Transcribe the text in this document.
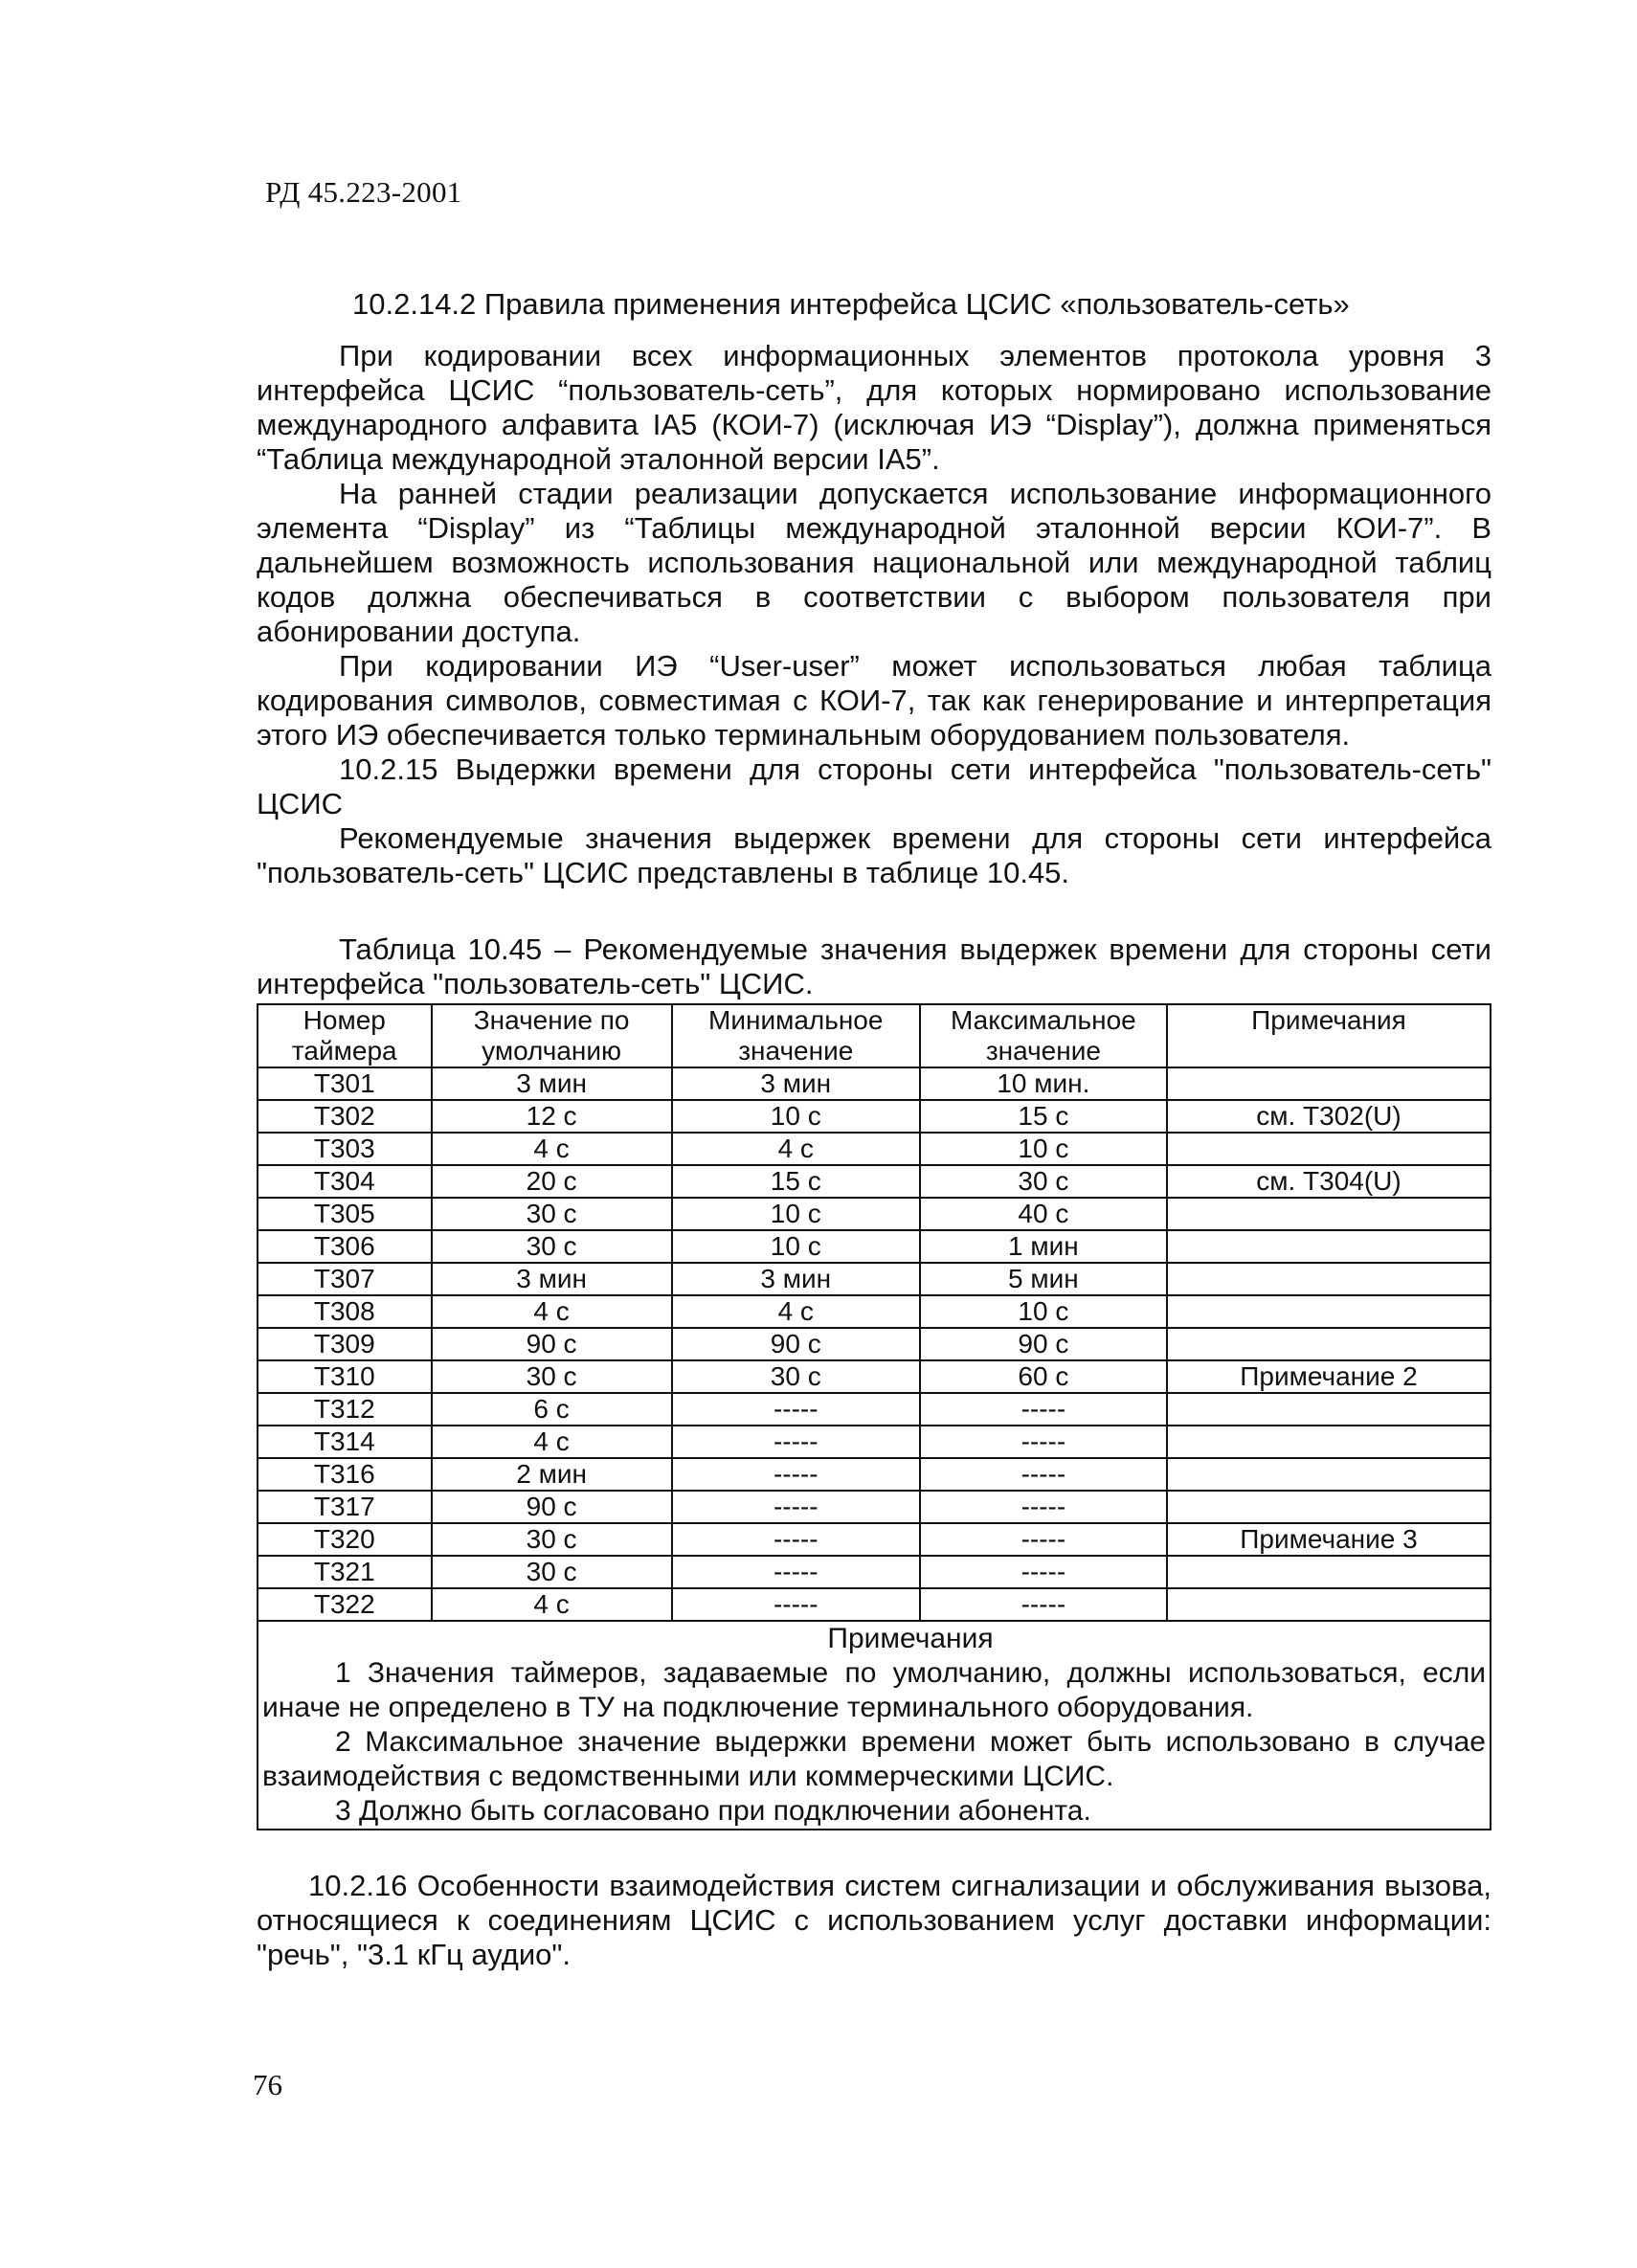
РД 45.223-2001

10.2.14.2 Правила применения интерфейса ЦСИС «пользователь-сеть»

При кодировании всех информационных элементов протокола уровня 3 интерфейса ЦСИС “пользователь-сеть”, для которых нормировано использование международного алфавита IA5 (КОИ-7) (исключая ИЭ “Display”), должна применяться “Таблица международной эталонной версии IA5”.

На ранней стадии реализации допускается использование информационного элемента “Display” из “Таблицы международной эталонной версии КОИ-7”. В дальнейшем возможность использования национальной или международной таблиц кодов должна обеспечиваться в соответствии с выбором пользователя при абонировании доступа.

При кодировании ИЭ “User-user” может использоваться любая таблица кодирования символов, совместимая с КОИ-7, так как генерирование и интерпретация этого ИЭ обеспечивается только терминальным оборудованием пользователя.

10.2.15 Выдержки времени для стороны сети интерфейса "пользователь-сеть" ЦСИС

Рекомендуемые значения выдержек времени для стороны сети интерфейса "пользователь-сеть" ЦСИС представлены в таблице 10.45.

Таблица 10.45 – Рекомендуемые значения выдержек времени для стороны сети интерфейса "пользователь-сеть" ЦСИС.

Номер таймера	Значение по умолчанию	Минимальное значение	Максимальное значение	Примечания
T301	3 мин	3 мин	10 мин.	
T302	12 с	10 с	15 с	см. T302(U)
T303	4 с	4 с	10 с	
T304	20 с	15 с	30 с	см. T304(U)
T305	30 с	10 с	40 с	
T306	30 с	10 с	1 мин	
T307	3 мин	3 мин	5 мин	
T308	4 с	4 с	10 с	
T309	90 с	90 с	90 с	
T310	30 с	30 с	60 с	Примечание 2
T312	6 с	-----	-----	
T314	4 с	-----	-----	
T316	2 мин	-----	-----	
T317	90 с	-----	-----	
T320	30 с	-----	-----	Примечание 3
T321	30 с	-----	-----	
T322	4 с	-----	-----	

Примечания
1 Значения таймеров, задаваемые по умолчанию, должны использоваться, если иначе не определено в ТУ на подключение терминального оборудования.
2 Максимальное значение выдержки времени может быть использовано в случае взаимодействия с ведомственными или коммерческими ЦСИС.
3 Должно быть согласовано при подключении абонента.				

10.2.16 Особенности взаимодействия систем сигнализации и обслуживания вызова, относящиеся к соединениям ЦСИС с использованием услуг доставки информации: "речь", "3.1 кГц аудио".

76
